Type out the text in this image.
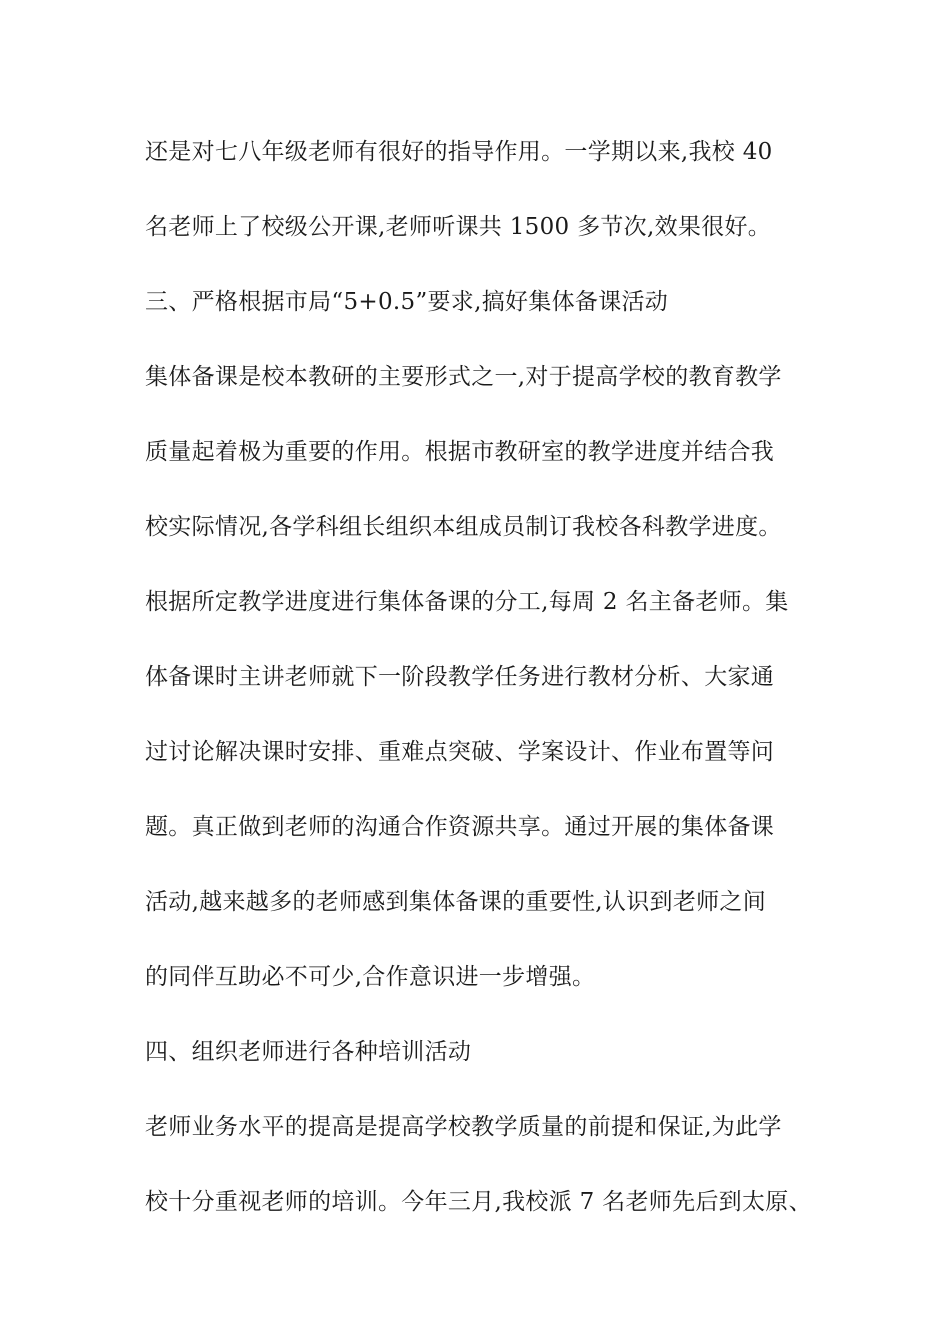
还是对七八年级老师有很好的指导作用。一学期以来,我校 40
名老师上了校级公开课,老师听课共 1500 多节次,效果很好。
三、严格根据市局“5+0.5”要求,搞好集体备课活动
集体备课是校本教研的主要形式之一,对于提高学校的教育教学
质量起着极为重要的作用。根据市教研室的教学进度并结合我
校实际情况,各学科组长组织本组成员制订我校各科教学进度。
根据所定教学进度进行集体备课的分工,每周 2 名主备老师。集
体备课时主讲老师就下一阶段教学任务进行教材分析、大家通
过讨论解决课时安排、重难点突破、学案设计、作业布置等问
题。真正做到老师的沟通合作资源共享。通过开展的集体备课
活动,越来越多的老师感到集体备课的重要性,认识到老师之间
的同伴互助必不可少,合作意识进一步增强。
四、组织老师进行各种培训活动
老师业务水平的提高是提高学校教学质量的前提和保证,为此学
校十分重视老师的培训。今年三月,我校派 7 名老师先后到太原、
